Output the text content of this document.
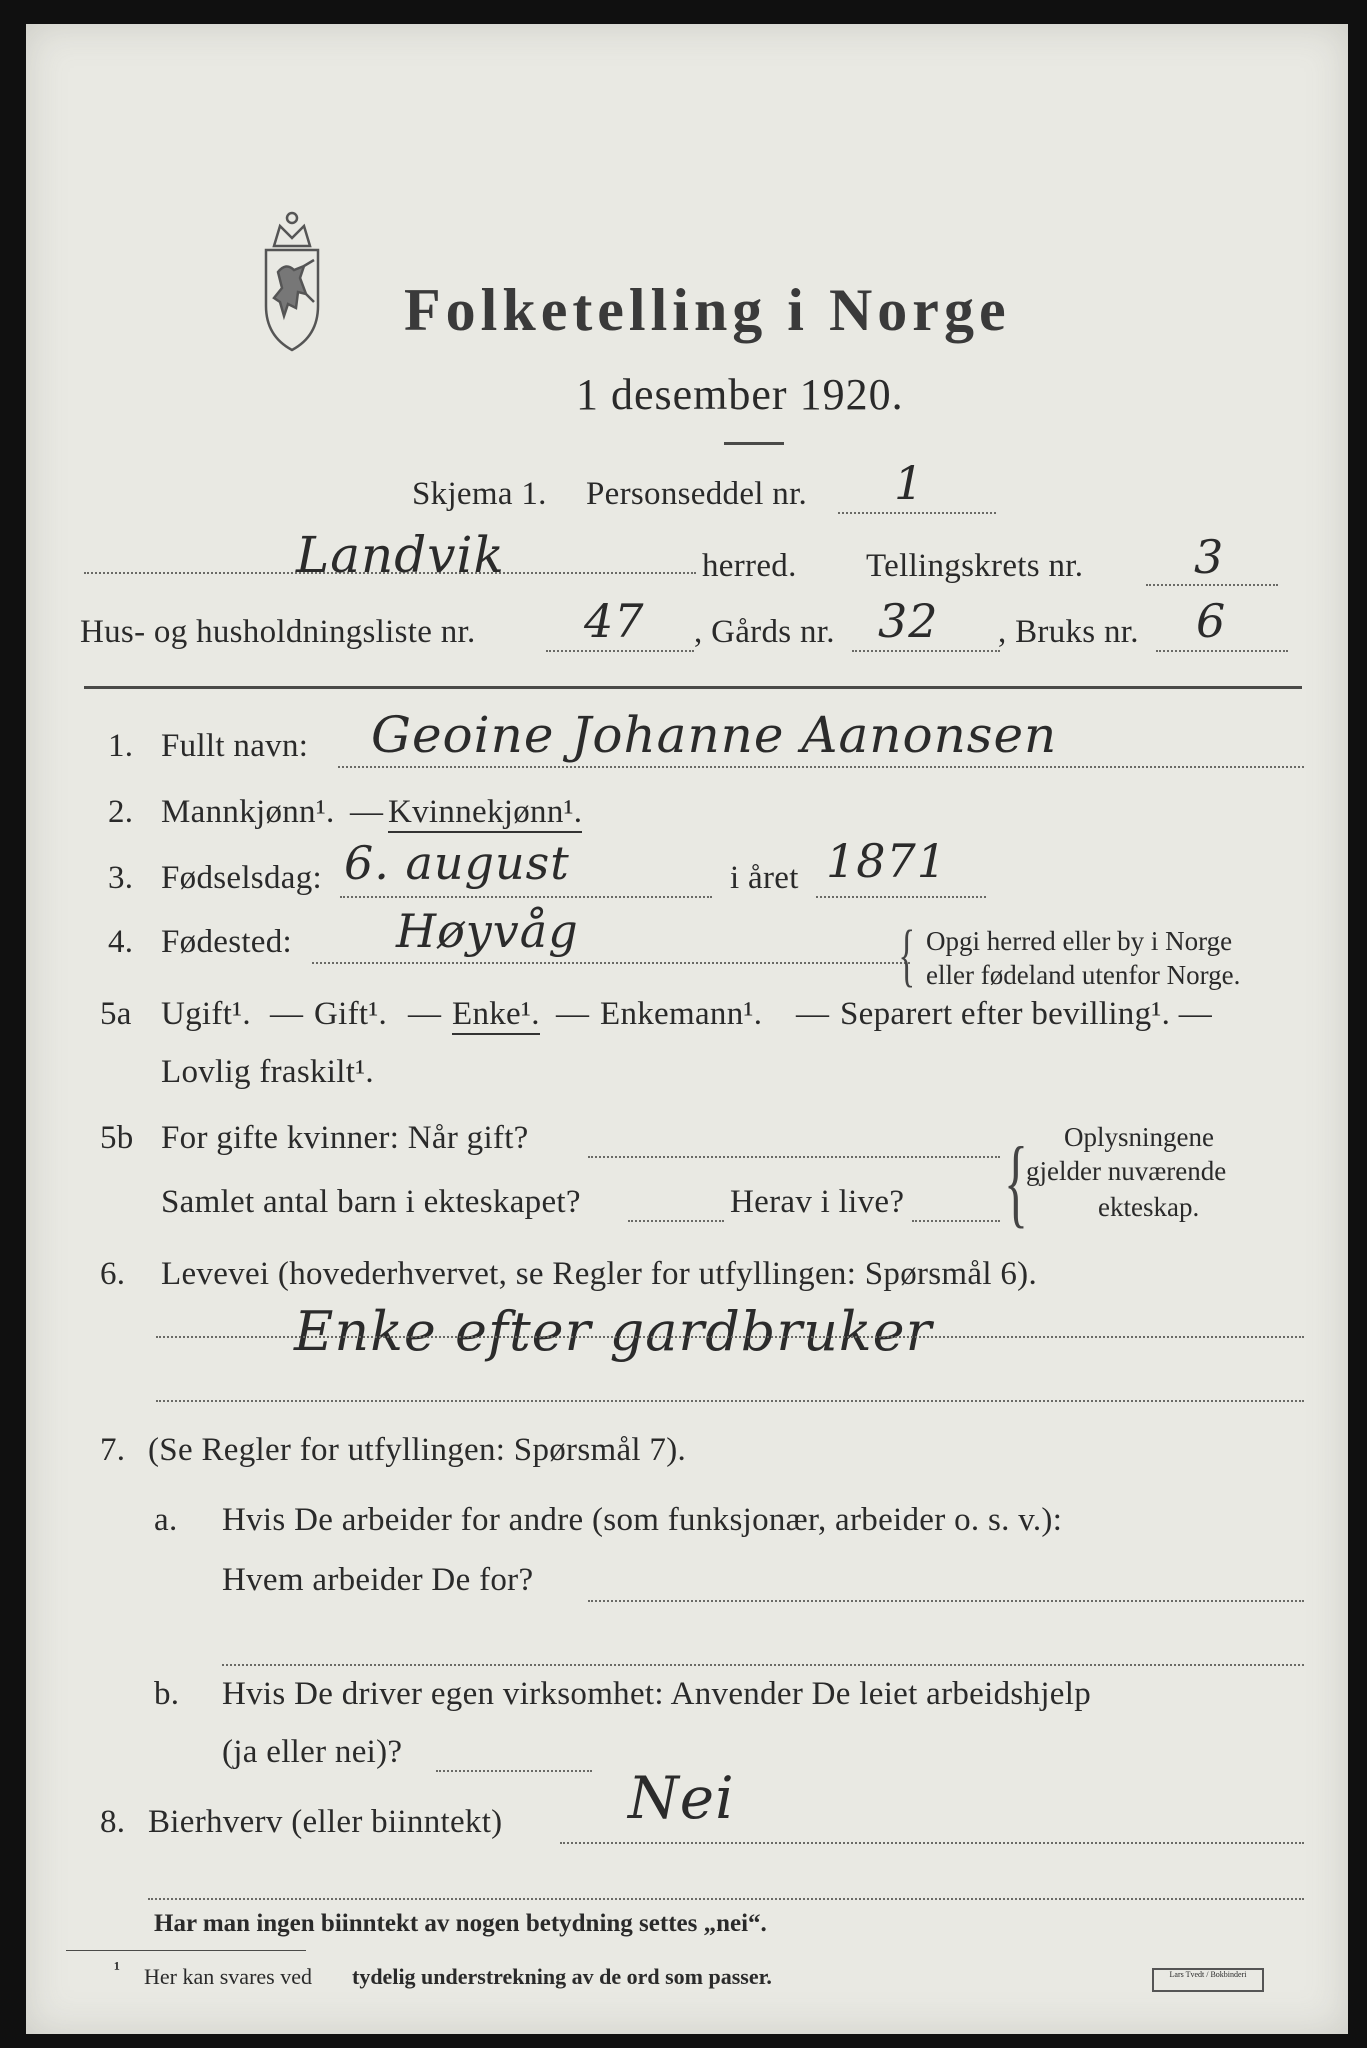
Folketelling i Norge
1 desember 1920.
Skjema 1. Personseddel nr. 1
Landvik	herred. Tellingskrets nr. 3
Hus- og husholdningsliste nr. 47 , Gårds nr. 32 , Bruks nr. 6
1. Fullt navn: Geoine Johanne Aanonsen
2. Mannkjønn¹. — Kvinnekjønn¹.
3. Fødselsdag: 6. august	i året 1871
4. Fødested: Høyvåg	{ Opgi herred eller by i Norge
eller fødeland utenfor Norge.
5a Ugift¹. — Gift¹. — Enke¹. — Enkemann¹. — Separert efter bevilling¹. —
Lovlig fraskilt¹.
5b For gifte kvinner: Når gift?
Samlet antal barn i ekteskapet?	Herav i live? { Oplysningene
gjelder nuværende
ekteskap.
6. Levevei (hovederhvervet, se Regler for utfyllingen: Spørsmål 6).
Enke efter gardbruker
7. (Se Regler for utfyllingen: Spørsmål 7).
a. Hvis De arbeider for andre (som funksjonær, arbeider o. s. v.):
Hvem arbeider De for?
b. Hvis De driver egen virksomhet: Anvender De leiet arbeidshjelp
(ja eller nei)?
8. Bierhverv (eller biinntekt) Nei
Har man ingen biinntekt av nogen betydning settes „nei“.
¹ Her kan svares ved tydelig understrekning av de ord som passer.	Lars Tvedt / Bokbinderi
